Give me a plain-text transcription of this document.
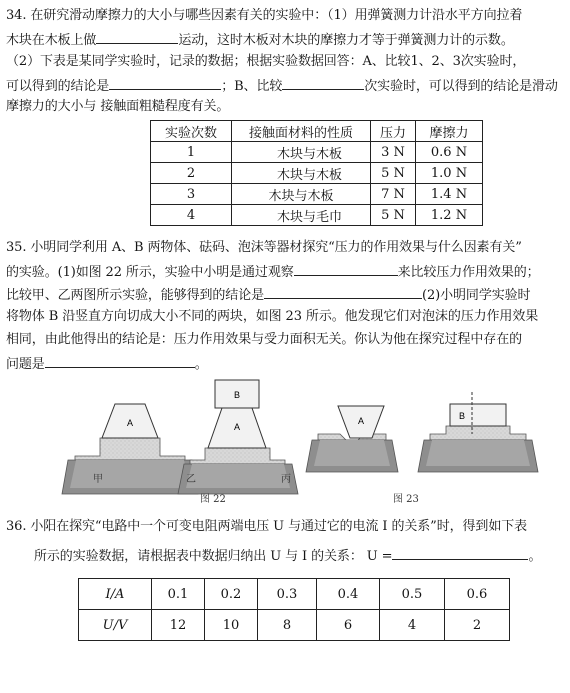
34. 在研究滑动摩擦力的大小与哪些因素有关的实验中：（1）用弹簧测力计沿水平方向拉着
木块在木板上做	运动，这时木板对木块的摩擦力才等于弹簧测力计的示数。
（2）下表是某同学实验时，记录的数据；根据实验数据回答：A、比较1、2、3次实验时，
可以得到的结论是	；B、比较	次实验时，可以得到的结论是滑动
摩擦力的大小与 接触面粗糙程度有关。
实验次数	接触面材料的性质	压力	摩擦力
1	木块与木板	3 N	0.6 N
2	木块与木板	5 N	1.0 N
3	木块与木板	7 N	1.4 N
4	木块与毛巾	5 N	1.2 N
35. 小明同学利用 A、B 两物体、砝码、泡沫等器材探究“压力的作用效果与什么因素有关”
的实验。(1)如图 22 所示，实验中小明是通过观察	来比较压力作用效果的；
比较甲、乙两图所示实验，能够得到的结论是	(2)小明同学实验时
将物体 B 沿竖直方向切成大小不同的两块，如图 23 所示。他发现它们对泡沫的压力作用效果
相同，由此他得出的结论是：压力作用效果与受力面积无关。你认为他在探究过程中存在的
问题是	。
A
B
A
A	B
甲	乙	丙
图 22	图 23
36. 小阳在探究“电路中一个可变电阻两端电压 U 与通过它的电流 I 的关系”时，得到如下表
所示的实验数据，请根据表中数据归纳出 U 与 I 的关系： U =	。
I/A	0.1	0.2	0.3	0.4	0.5	0.6
U/V	12	10	8	6	4	2
